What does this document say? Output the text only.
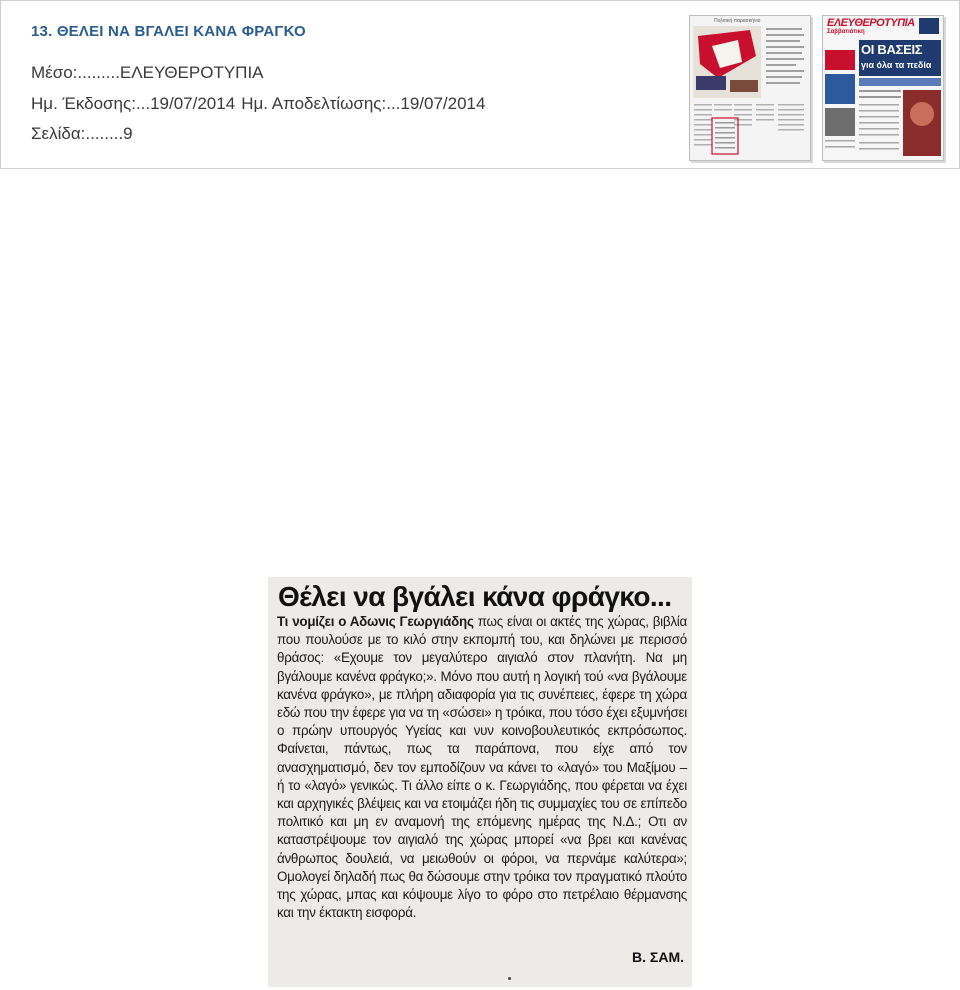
13. ΘΕΛΕΙ ΝΑ ΒΓΑΛΕΙ ΚΑΝΑ ΦΡΑΓΚΟ
Μέσο:.........ΕΛΕΥΘΕΡΟΤΥΠΙΑ
Ημ. Έκδοσης:...19/07/2014 Ημ. Αποδελτίωσης:...19/07/2014
Σελίδα:........9
Πολιτική παρασκήνιο	ΕΛΕΥΘΕΡΟΤΥΠΙΑ
Σαββατιάτικη
ΟΙ ΒΑΣΕΙΣ
για όλα τα πεδία
Θέλει να βγάλει κάνα φράγκο...
Τι νομίζει ο Αδωνις Γεωργιάδης πως είναι οι ακτές της χώρας, βιβλία που πουλούσε με το κιλό στην εκπομπή του, και δηλώνει με περισσό θράσος: «Εχουμε τον μεγαλύτερο αιγιαλό στον πλανήτη. Να μη βγάλουμε κανένα φράγκο;». Μόνο που αυτή η λογική τού «να βγάλουμε κανένα φράγκο», με πλήρη αδιαφορία για τις συνέπειες, έφερε τη χώρα εδώ που την έφερε για να τη «σώσει» η τρόικα, που τόσο έχει εξυμνήσει ο πρώην υπουργός Υγείας και νυν κοινοβουλευτικός εκπρόσωπος. Φαίνεται, πάντως, πως τα παράπονα, που είχε από τον ανασχηματισμό, δεν τον εμποδίζουν να κάνει το «λαγό» του Μαξίμου – ή το «λαγό» γενικώς. Τι άλλο είπε ο κ. Γεωργιάδης, που φέρεται να έχει και αρχηγικές βλέψεις και να ετοιμάζει ήδη τις συμμαχίες του σε επίπεδο πολιτικό και μη εν αναμονή της επόμενης ημέρας της Ν.Δ.; Οτι αν καταστρέψουμε τον αιγιαλό της χώρας μπορεί «να βρει και κανένας άνθρωπος δουλειά, να μειωθούν οι φόροι, να περνάμε καλύτερα»; Ομολογεί δηλαδή πως θα δώσουμε στην τρόικα τον πραγματικό πλούτο της χώρας, μπας και κόψουμε λίγο το φόρο στο πετρέλαιο θέρμανσης και την έκτακτη εισφορά.
Β. ΣΑΜ.
